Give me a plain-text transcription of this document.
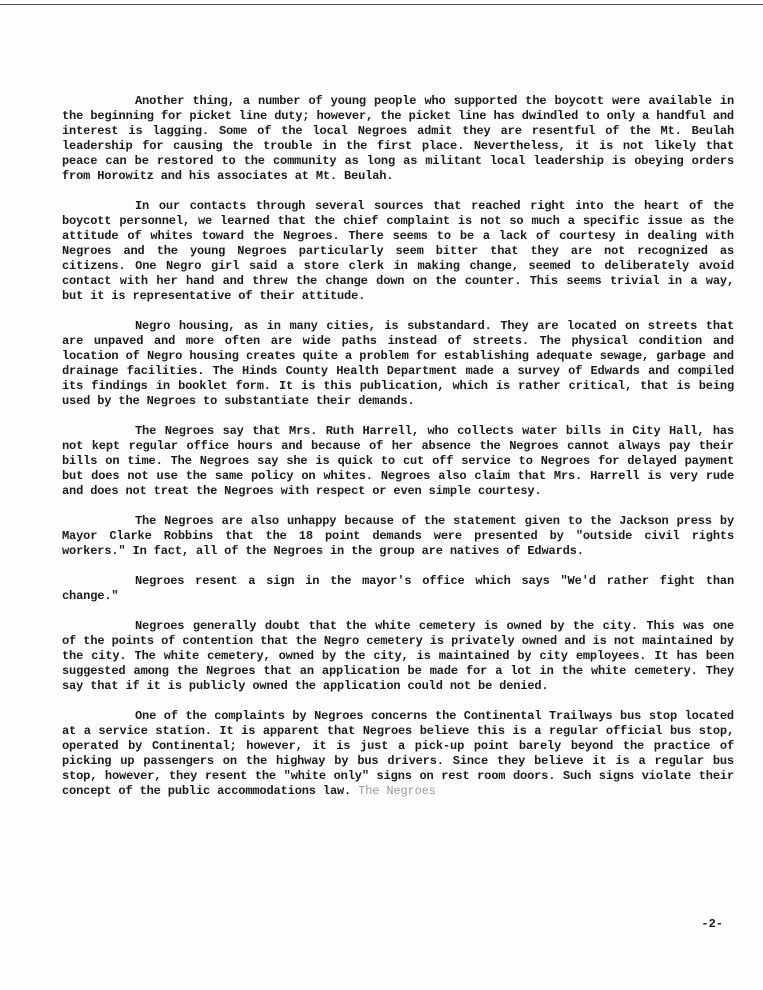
Another thing, a number of young people who supported the boycott were available in the beginning for picket line duty; however, the picket line has dwindled to only a handful and interest is lagging. Some of the local Negroes admit they are resentful of the Mt. Beulah leadership for causing the trouble in the first place. Nevertheless, it is not likely that peace can be restored to the community as long as militant local leadership is obeying orders from Horowitz and his associates at Mt. Beulah.

In our contacts through several sources that reached right into the heart of the boycott personnel, we learned that the chief complaint is not so much a specific issue as the attitude of whites toward the Negroes. There seems to be a lack of courtesy in dealing with Negroes and the young Negroes particularly seem bitter that they are not recognized as citizens. One Negro girl said a store clerk in making change, seemed to deliberately avoid contact with her hand and threw the change down on the counter. This seems trivial in a way, but it is representative of their attitude.

Negro housing, as in many cities, is substandard. They are located on streets that are unpaved and more often are wide paths instead of streets. The physical condition and location of Negro housing creates quite a problem for establishing adequate sewage, garbage and drainage facilities. The Hinds County Health Department made a survey of Edwards and compiled its findings in booklet form. It is this publication, which is rather critical, that is being used by the Negroes to substantiate their demands.

The Negroes say that Mrs. Ruth Harrell, who collects water bills in City Hall, has not kept regular office hours and because of her absence the Negroes cannot always pay their bills on time. The Negroes say she is quick to cut off service to Negroes for delayed payment but does not use the same policy on whites. Negroes also claim that Mrs. Harrell is very rude and does not treat the Negroes with respect or even simple courtesy.

The Negroes are also unhappy because of the statement given to the Jackson press by Mayor Clarke Robbins that the 18 point demands were presented by "outside civil rights workers." In fact, all of the Negroes in the group are natives of Edwards.

Negroes resent a sign in the mayor's office which says "We'd rather fight than change."

Negroes generally doubt that the white cemetery is owned by the city. This was one of the points of contention that the Negro cemetery is privately owned and is not maintained by the city. The white cemetery, owned by the city, is maintained by city employees. It has been suggested among the Negroes that an application be made for a lot in the white cemetery. They say that if it is publicly owned the application could not be denied.

One of the complaints by Negroes concerns the Continental Trailways bus stop located at a service station. It is apparent that Negroes believe this is a regular official bus stop, operated by Continental; however, it is just a pick-up point barely beyond the practice of picking up passengers on the highway by bus drivers. Since they believe it is a regular bus stop, however, they resent the "white only" signs on rest room doors. Such signs violate their concept of the public accommodations law. The Negroes

-2-
